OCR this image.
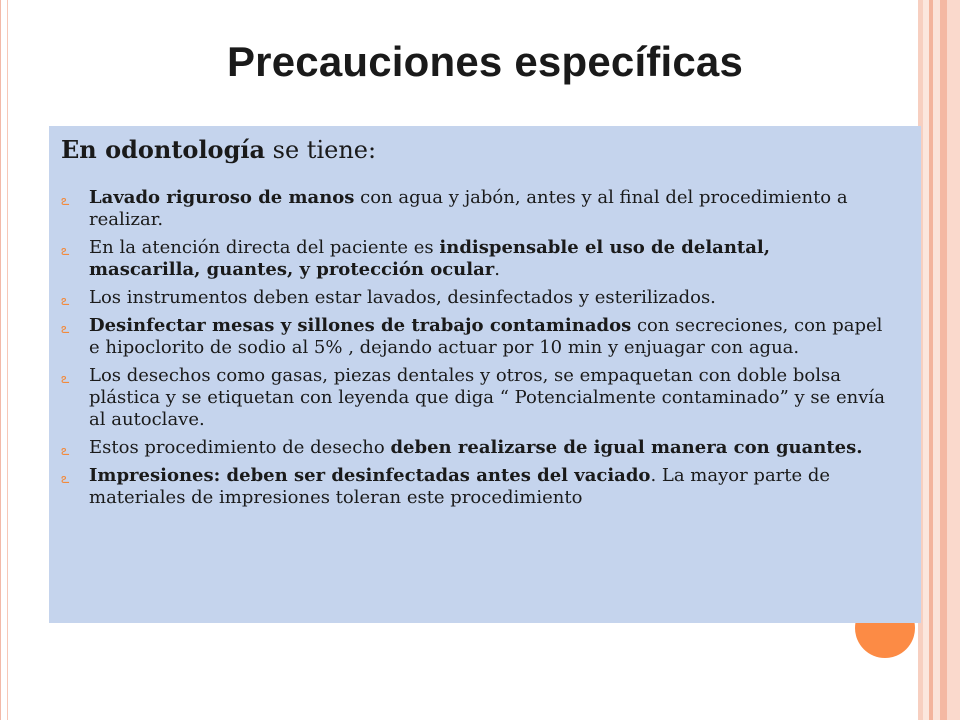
Precauciones específicas

En odontología se tiene:

ఽ Lavado riguroso de manos con agua y jabón, antes y al final del procedimiento a realizar.
ఽ En la atención directa del paciente es indispensable el uso de delantal, mascarilla, guantes, y protección ocular.
ఽ Los instrumentos deben estar lavados, desinfectados y esterilizados.
ఽ Desinfectar mesas y sillones de trabajo contaminados con secreciones, con papel e hipoclorito de sodio al 5% , dejando actuar por 10 min y enjuagar con agua.
ఽ Los desechos como gasas, piezas dentales y otros, se empaquetan con doble bolsa plástica y se etiquetan con leyenda que diga “ Potencialmente contaminado” y se envía al autoclave.
ఽ Estos procedimiento de desecho deben realizarse de igual manera con guantes.
ఽ Impresiones: deben ser desinfectadas antes del vaciado. La mayor parte de materiales de impresiones toleran este procedimiento
